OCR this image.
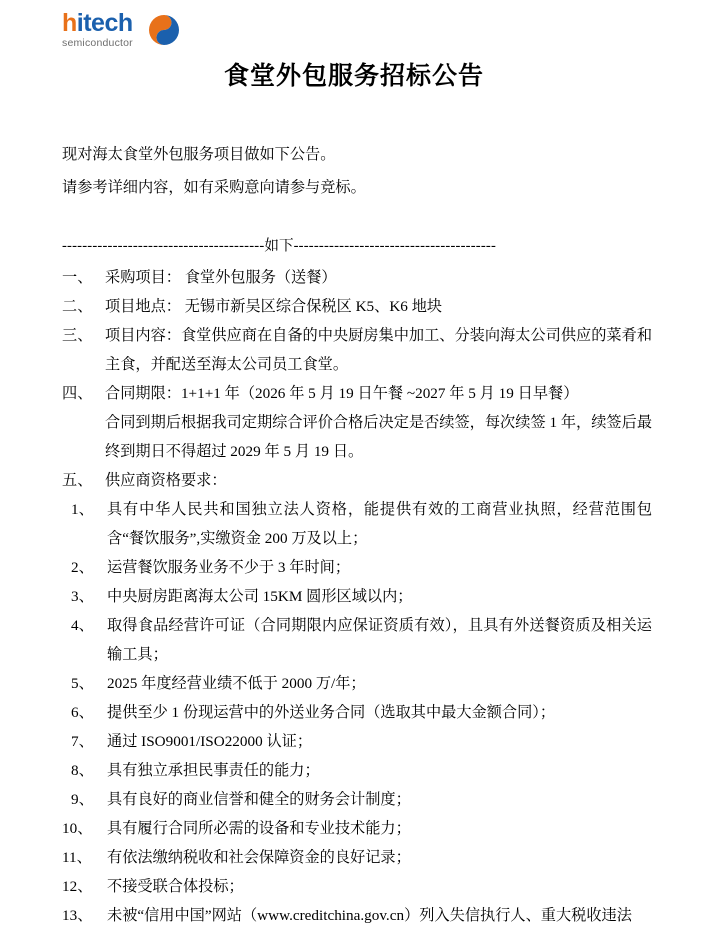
hitech
semiconductor
食堂外包服务招标公告

现对海太食堂外包服务项目做如下公告。

请参考详细内容，如有采购意向请参与竞标。

----------------------------------------如下----------------------------------------
一、 采购项目： 食堂外包服务（送餐）
二、 项目地点： 无锡市新吴区综合保税区 K5、K6 地块
三、 项目内容：食堂供应商在自备的中央厨房集中加工、分装向海太公司供应的菜肴和主食，并配送至海太公司员工食堂。
四、 合同期限：1+1+1 年（2026 年 5 月 19 日午餐 ~2027 年 5 月 19 日早餐）
合同到期后根据我司定期综合评价合格后决定是否续签，每次续签 1 年，续签后最终到期日不得超过 2029 年 5 月 19 日。
五、 供应商资格要求：
1、 具有中华人民共和国独立法人资格，能提供有效的工商营业执照，经营范围包含“餐饮服务”,实缴资金 200 万及以上；
2、 运营餐饮服务业务不少于 3 年时间；
3、 中央厨房距离海太公司 15KM 圆形区域以内；
4、 取得食品经营许可证（合同期限内应保证资质有效），且具有外送餐资质及相关运输工具；
5、 2025 年度经营业绩不低于 2000 万/年；
6、 提供至少 1 份现运营中的外送业务合同（选取其中最大金额合同）；
7、 通过 ISO9001/ISO22000 认证；
8、 具有独立承担民事责任的能力；
9、 具有良好的商业信誉和健全的财务会计制度；
10、 具有履行合同所必需的设备和专业技术能力；
11、 有依法缴纳税收和社会保障资金的良好记录；
12、 不接受联合体投标；
13、 未被“信用中国”网站（www.creditchina.gov.cn）列入失信执行人、重大税收违法
